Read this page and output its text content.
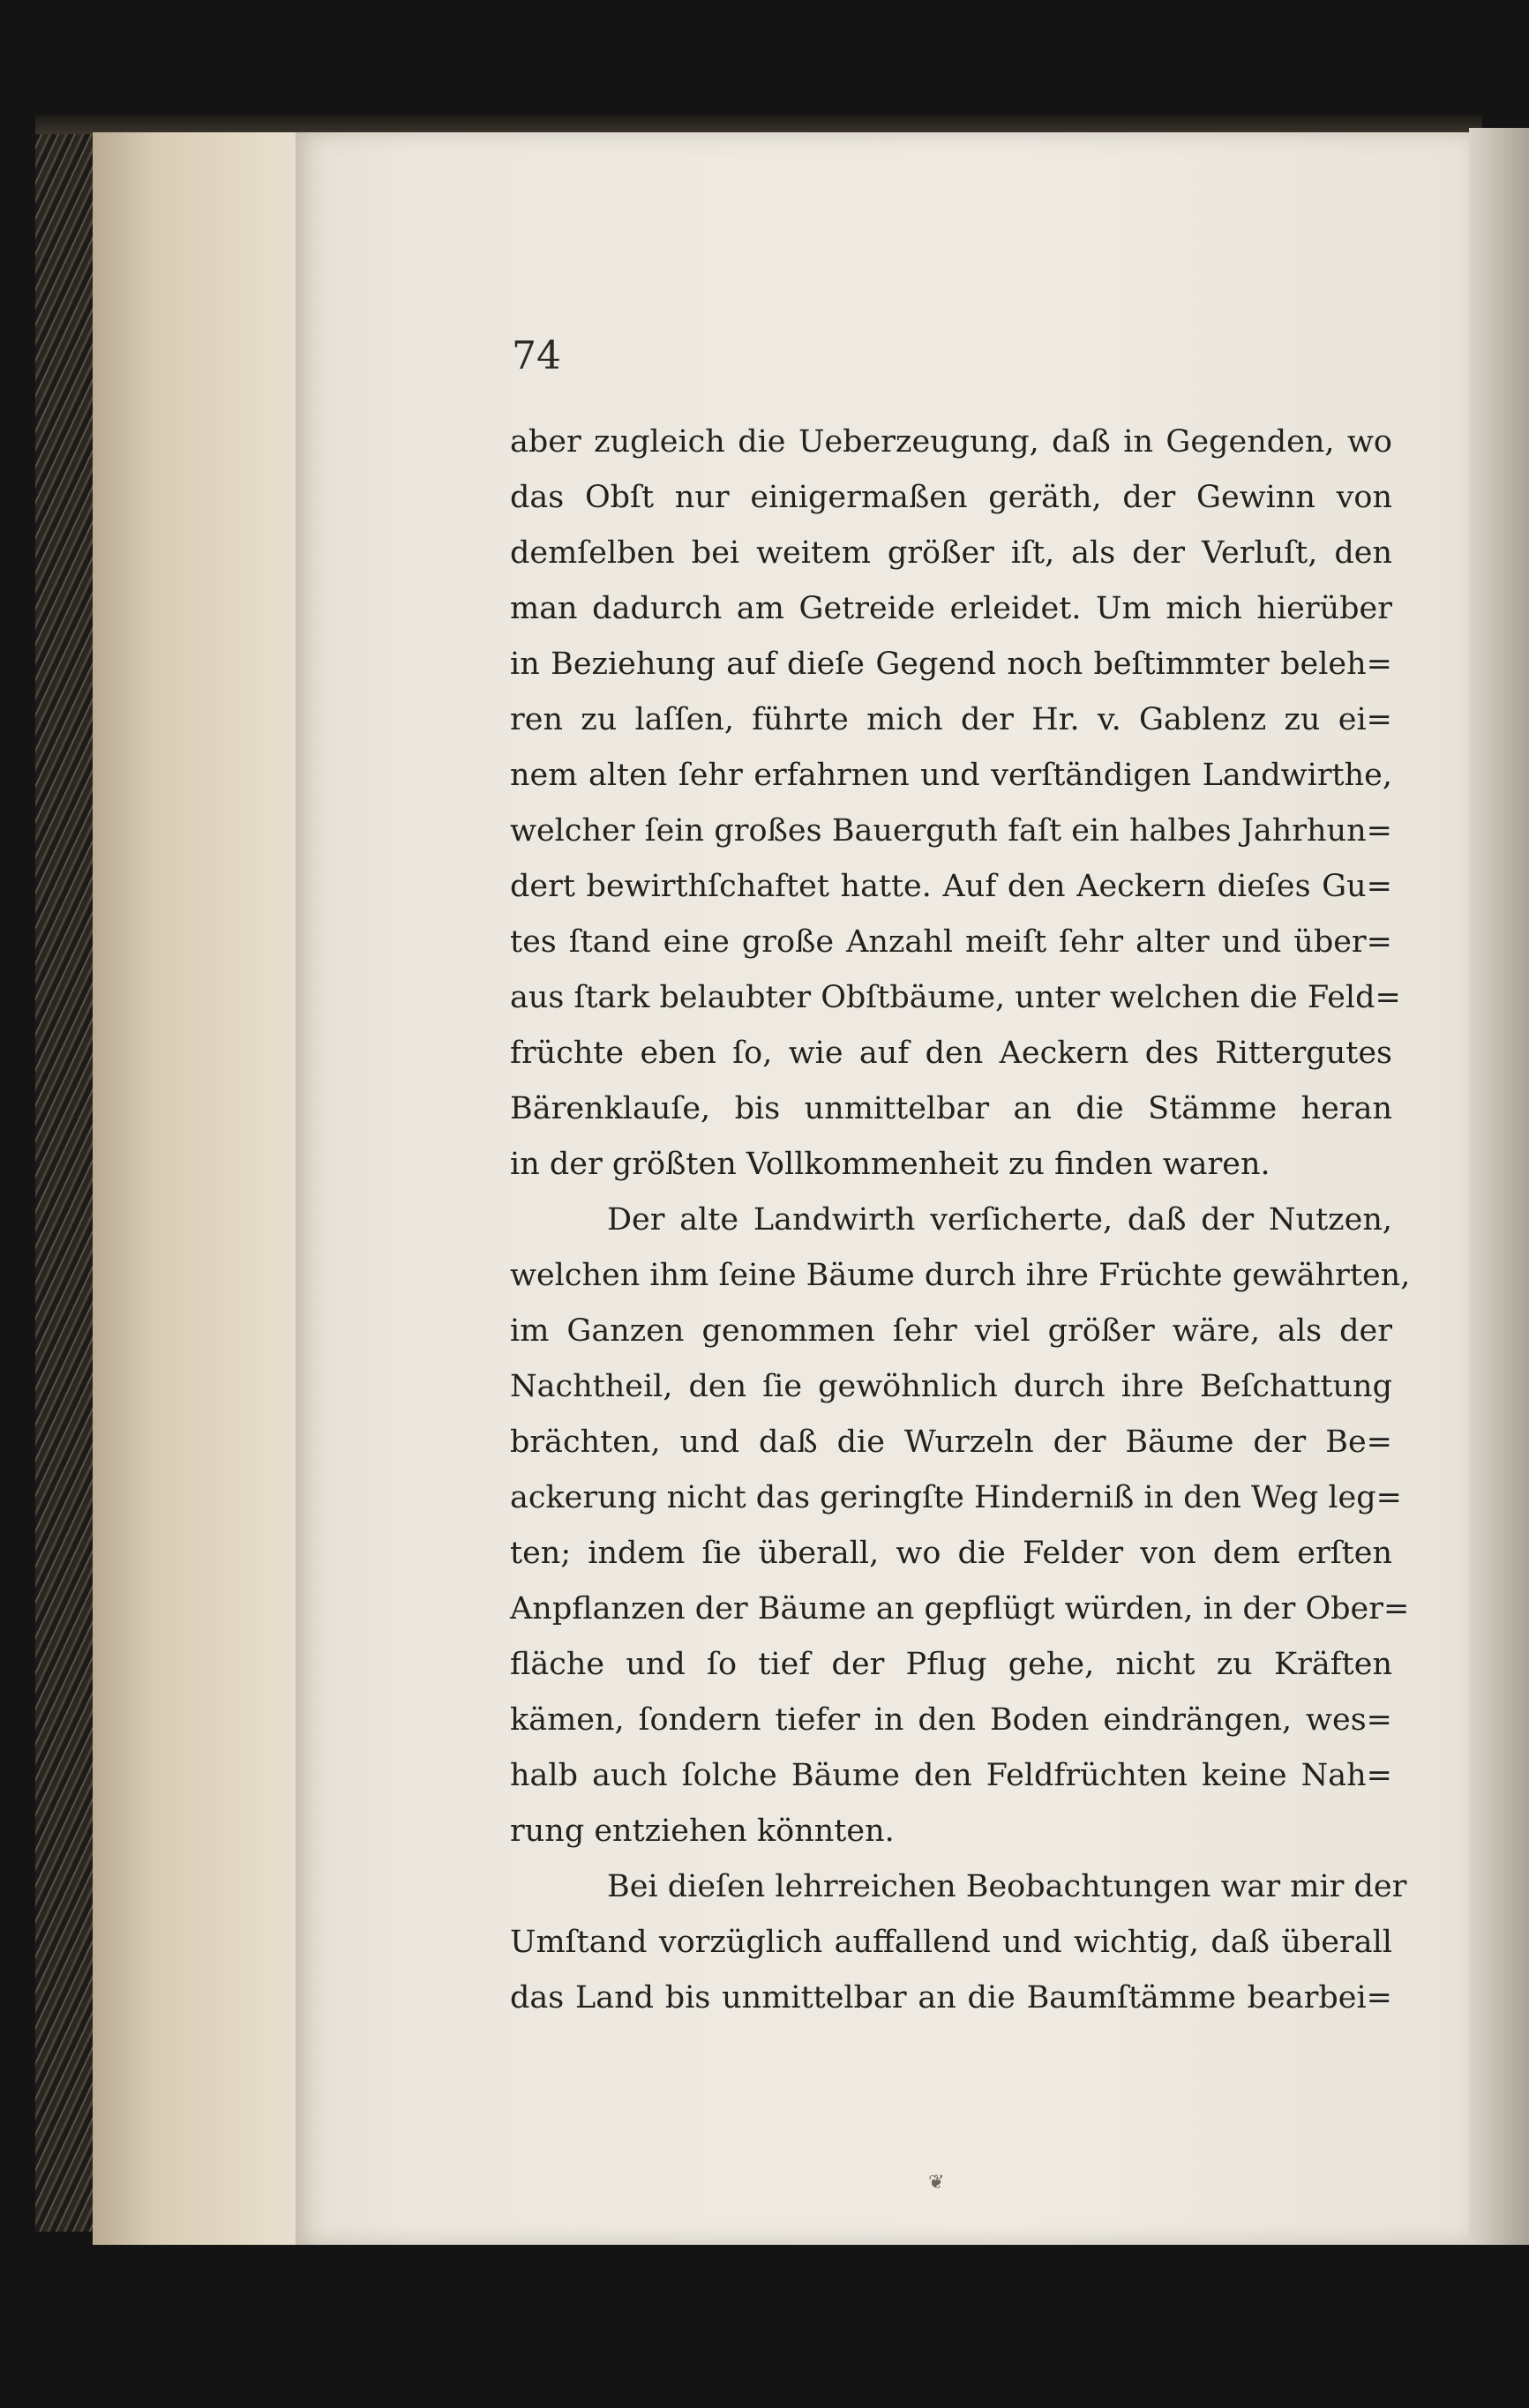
74
aber zugleich die Ueberzeugung, daß in Gegenden, wo
das Obſt nur einigermaßen geräth, der Gewinn von
demſelben bei weitem größer iſt, als der Verluſt, den
man dadurch am Getreide erleidet. Um mich hierüber
in Beziehung auf dieſe Gegend noch beſtimmter beleh=
ren zu laſſen, führte mich der Hr. v. Gablenz zu ei=
nem alten ſehr erfahrnen und verſtändigen Landwirthe,
welcher ſein großes Bauerguth faſt ein halbes Jahrhun=
dert bewirthſchaftet hatte. Auf den Aeckern dieſes Gu=
tes ſtand eine große Anzahl meiſt ſehr alter und über=
aus ſtark belaubter Obſtbäume, unter welchen die Feld=
früchte eben ſo, wie auf den Aeckern des Rittergutes
Bärenklauſe, bis unmittelbar an die Stämme heran
in der größten Vollkommenheit zu finden waren.
Der alte Landwirth verſicherte, daß der Nutzen,
welchen ihm ſeine Bäume durch ihre Früchte gewährten,
im Ganzen genommen ſehr viel größer wäre, als der
Nachtheil, den ſie gewöhnlich durch ihre Beſchattung
brächten, und daß die Wurzeln der Bäume der Be=
ackerung nicht das geringſte Hinderniß in den Weg leg=
ten; indem ſie überall, wo die Felder von dem erſten
Anpflanzen der Bäume an gepflügt würden, in der Ober=
fläche und ſo tief der Pflug gehe, nicht zu Kräften
kämen, ſondern tiefer in den Boden eindrängen, wes=
halb auch ſolche Bäume den Feldfrüchten keine Nah=
rung entziehen könnten.
Bei dieſen lehrreichen Beobachtungen war mir der
Umſtand vorzüglich auffallend und wichtig, daß überall
das Land bis unmittelbar an die Baumſtämme bearbei=
❦
